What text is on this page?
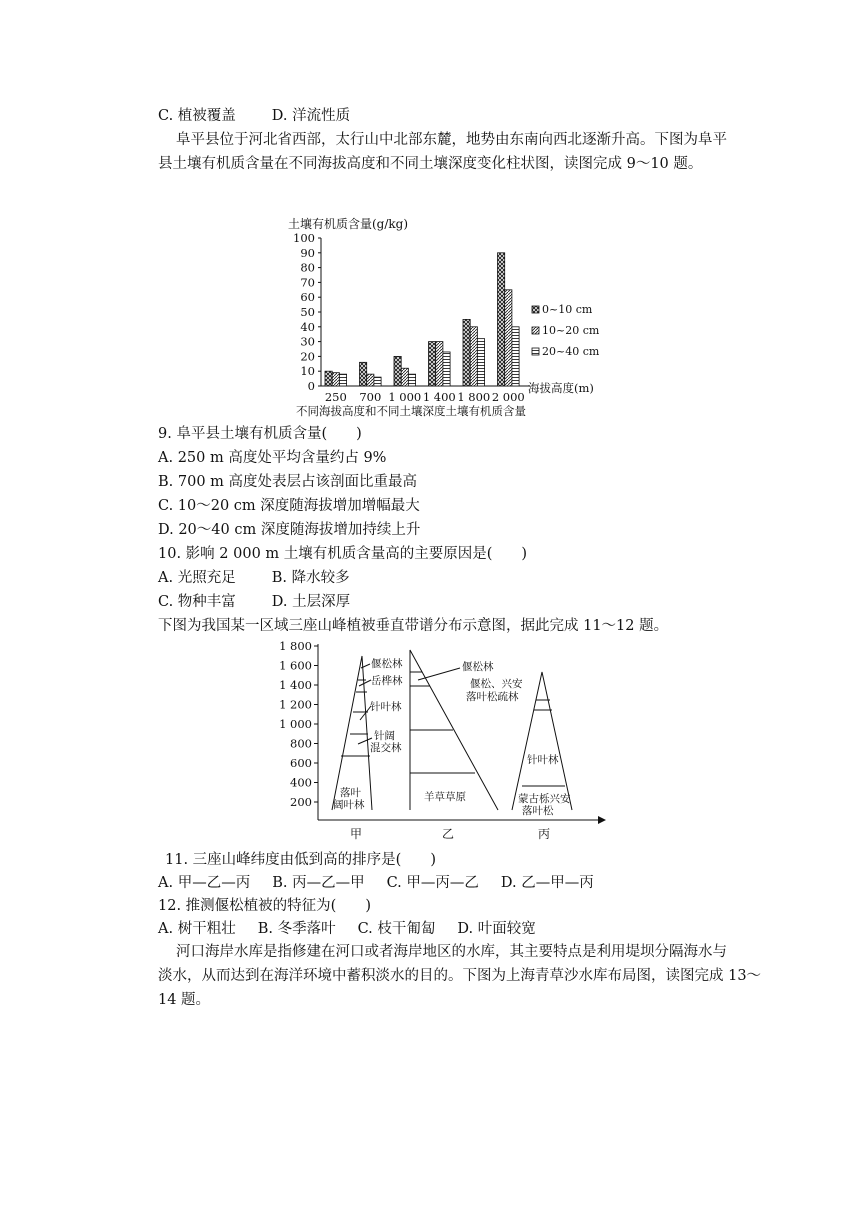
C. 植被覆盖 D. 洋流性质
阜平县位于河北省西部，太行山中北部东麓，地势由东南向西北逐渐升高。下图为阜平
县土壤有机质含量在不同海拔高度和不同土壤深度变化柱状图，读图完成 9～10 题。
土壤有机质含量(g/kg)
0
10
20
30
40
50
60
70
80
90
100
250 700 1 000 1 400 1 800 2 000
0~10 cm
10~20 cm
20~40 cm
海拔高度(m)
不同海拔高度和不同土壤深度土壤有机质含量
9. 阜平县土壤有机质含量(　　)
A. 250 m 高度处平均含量约占 9%
B. 700 m 高度处表层占该剖面比重最高
C. 10～20 cm 深度随海拔增加增幅最大
D. 20～40 cm 深度随海拔增加持续上升
10. 影响 2 000 m 土壤有机质含量高的主要原因是(　　)
A. 光照充足 B. 降水较多
C. 物种丰富 D. 土层深厚
下图为我国某一区域三座山峰植被垂直带谱分布示意图，据此完成 11～12 题。
200
400
600
800
1 000
1 200
1 400
1 600
1 800
偃松林
岳桦林
针叶林
针阔
混交林
落叶
阔叶林
甲
偃松林
羊草草原
乙
偃松、兴安
落叶松疏林
针叶林
蒙古栎兴安
落叶松
丙
11. 三座山峰纬度由低到高的排序是(　　)
A. 甲—乙—丙 B. 丙—乙—甲 C. 甲—丙—乙 D. 乙—甲—丙
12. 推测偃松植被的特征为(　　)
A. 树干粗壮 B. 冬季落叶 C. 枝干匍匐 D. 叶面较宽
河口海岸水库是指修建在河口或者海岸地区的水库，其主要特点是利用堤坝分隔海水与
淡水，从而达到在海洋环境中蓄积淡水的目的。下图为上海青草沙水库布局图，读图完成 13～
14 题。
